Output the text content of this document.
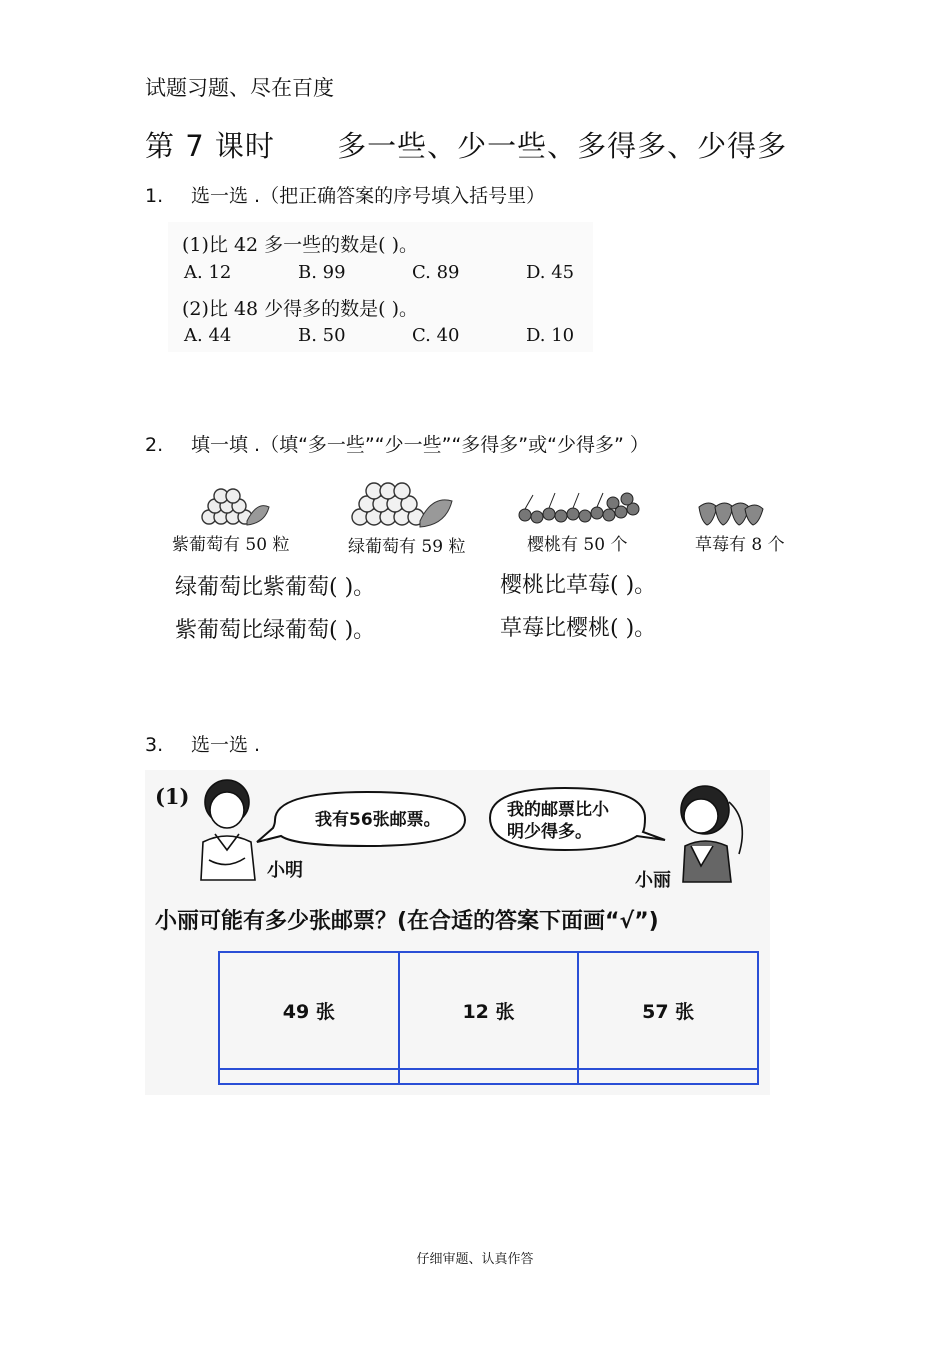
试题习题、尽在百度
第 7 课时 多一些、少一些、多得多、少得多
1. 选一选 .（把正确答案的序号填入括号里）
(1)比 42 多一些的数是( )。
A. 12	B. 99	C. 89	D. 45
(2)比 48 少得多的数是( )。
A. 44	B. 50	C. 40	D. 10
2. 填一填 .（填“多一些”“少一些”“多得多”或“少得多” ）
紫葡萄有 50 粒	绿葡萄有 59 粒	樱桃有 50 个	草莓有 8 个
绿葡萄比紫葡萄( )。	樱桃比草莓( )。
紫葡萄比绿葡萄( )。	草莓比樱桃( )。
3. 选一选 .
(1)
我有56张邮票。	我的邮票比小
明少得多。
小明	小丽
小丽可能有多少张邮票？(在合适的答案下面画“√”)
49 张	12 张	57 张

仔细审题、认真作答
